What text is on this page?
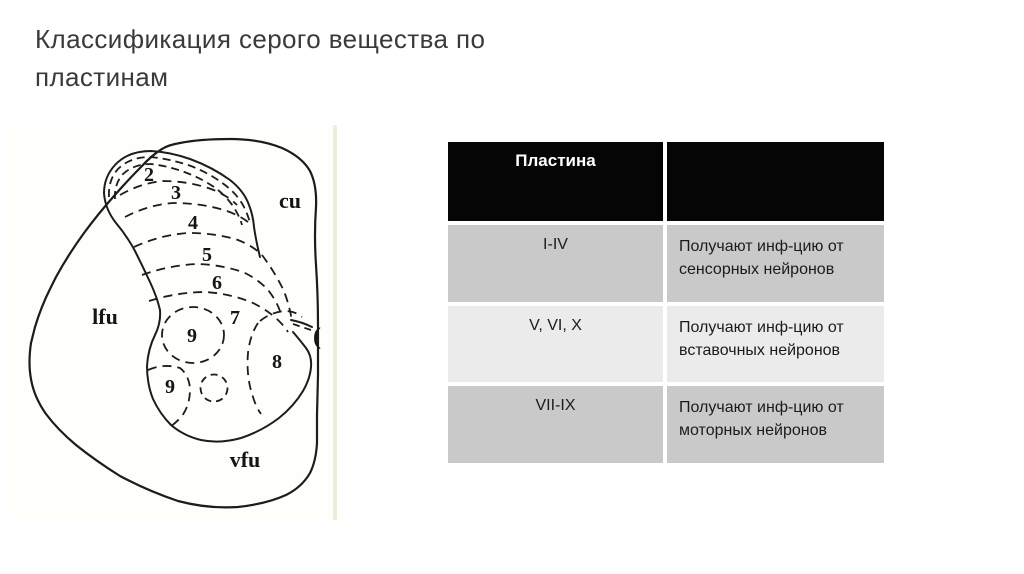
Классификация серого вещества по
пластинам
2
3
4
5
6
7
9
8
9
cu
lfu
vfu
(
Пластина
I-IV	Получают инф-цию от сенсорных нейронов
V, VI, X	Получают инф-цию от вставочных нейронов
VII-IX	Получают инф-цию от моторных нейронов
